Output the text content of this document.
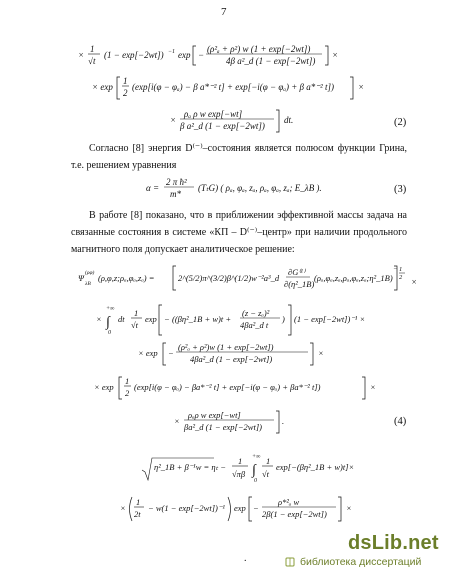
7
×
1
√t
(1 − exp[−2wt]) −1 exp −
(ρ²ₐ + ρ²) w (1 + exp[−2wt])
4β a²_d (1 − exp[−2wt])
×
× exp
1
2
(exp[i(φ − φₐ) − β a*⁻² t] + exp[−i(φ − φₐ) + β a*⁻² t])	×
×
ρₐ ρ w exp[−wt]
β a²_d (1 − exp[−2wt])
dt.	(2)
Согласно [8] энергия D⁽⁻⁾–состояния является полюсом функции Грина, т.е. решением уравнения
α =
2 π ħ²
m*
(TₜG) ( ρₐ, φₐ, zₐ, ρₐ, φₐ, zₐ; E_λB ).	(3)
В работе [8] показано, что в приближении эффективной массы задача на связанные состояния в системе «КП – D⁽⁻⁾–центр» при наличии продольного магнитного поля допускает аналитическое решение:
Ψ (ρφ)
λB
(ρ,φ,z;ρₐ,φₐ,zₐ) =	2^(5/2)π^(3/2)β^(1/2)w⁻²a³_d
∂G⁽¹⁾
∂(η²_1B)
(ρₐ,φₐ,zₐ,ρₐ,φₐ,zₐ;η²_1B)
1
2
−
×
×
+∞
∫
0
dt
1
√t
exp − ((βη²_1B + w)t +
(z − zₐ)²
4βa²_d t
) (1 − exp[−2wt])⁻¹ ×
× exp −
(ρ²ₐ + ρ²)w (1 + exp[−2wt])
4βa²_d (1 − exp[−2wt])
×
× exp
1
2
(exp[i(φ − φₐ) − βa*⁻² t] + exp[−i(φ − φₐ) + βa*⁻² t])	×
×
ρₐρ w exp[−wt]
βa²_d (1 − exp[−2wt])
.	(4)
η²_1B + β⁻¹w = ηₜ −
1
√πβ
+∞
∫
0
1
√t
exp[−(βη²_1B + w)t]×
×
1
2t
− w(1 − exp[−2wt])⁻¹ exp −
ρ*²ₐ w
2β(1 − exp[−2wt])
×
.
dsLib.net
библиотека диссертаций
